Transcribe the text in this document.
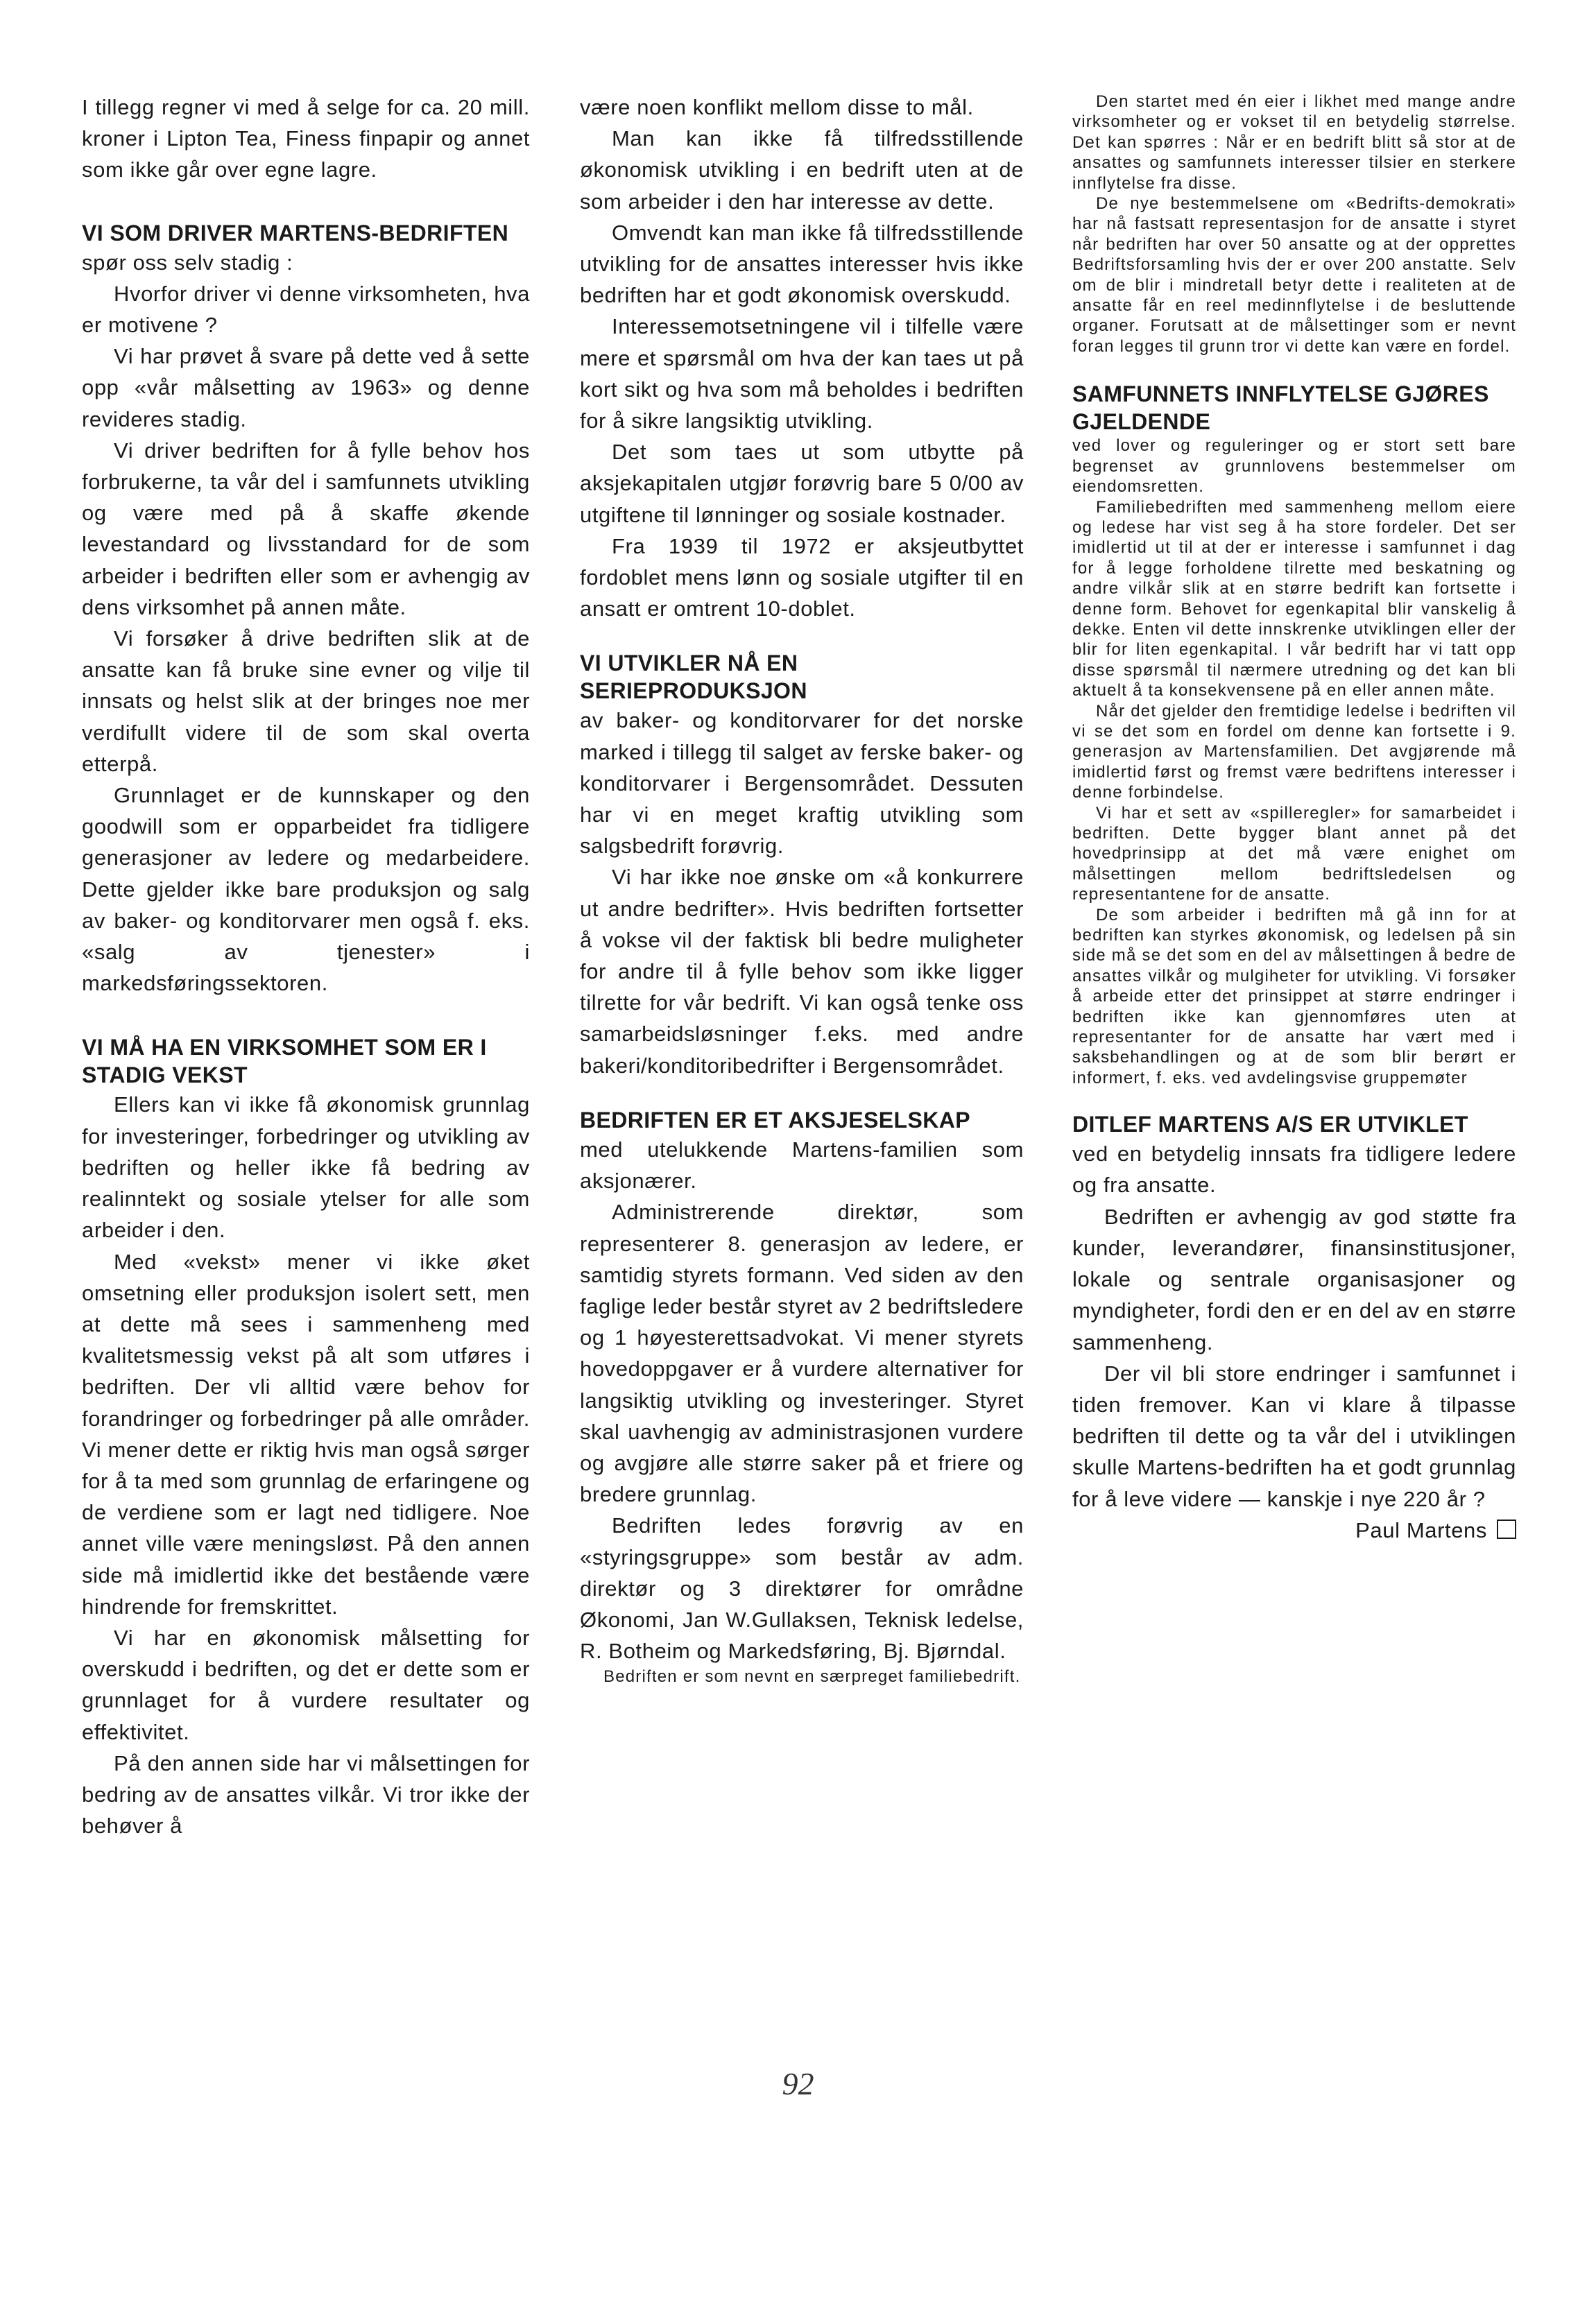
I tillegg regner vi med å selge for ca. 20 mill. kroner i Lipton Tea, Finess finpapir og annet som ikke går over egne lagre.

VI SOM DRIVER MARTENS-BEDRIFTEN

spør oss selv stadig :

Hvorfor driver vi denne virksomheten, hva er motivene ?

Vi har prøvet å svare på dette ved å sette opp «vår målsetting av 1963» og denne revideres stadig.

Vi driver bedriften for å fylle behov hos forbrukerne, ta vår del i samfunnets utvikling og være med på å skaffe økende levestandard og livsstandard for de som arbeider i bedriften eller som er avhengig av dens virksomhet på annen måte.

Vi forsøker å drive bedriften slik at de ansatte kan få bruke sine evner og vilje til innsats og helst slik at der bringes noe mer verdifullt videre til de som skal overta etterpå.

Grunnlaget er de kunnskaper og den goodwill som er opparbeidet fra tidligere generasjoner av ledere og medarbeidere. Dette gjelder ikke bare produksjon og salg av baker- og konditorvarer men også f. eks. «salg av tjenester» i markedsføringssektoren.

VI MÅ HA EN VIRKSOMHET SOM ER I STADIG VEKST

Ellers kan vi ikke få økonomisk grunnlag for investeringer, forbedringer og utvikling av bedriften og heller ikke få bedring av realinntekt og sosiale ytelser for alle som arbeider i den.

Med «vekst» mener vi ikke øket omsetning eller produksjon isolert sett, men at dette må sees i sammenheng med kvalitetsmessig vekst på alt som utføres i bedriften. Der vli alltid være behov for forandringer og forbedringer på alle områder. Vi mener dette er riktig hvis man også sørger for å ta med som grunnlag de erfaringene og de verdiene som er lagt ned tidligere. Noe annet ville være meningsløst. På den annen side må imidlertid ikke det bestående være hindrende for fremskrittet.

Vi har en økonomisk målsetting for overskudd i bedriften, og det er dette som er grunnlaget for å vurdere resultater og effektivitet.

På den annen side har vi målsettingen for bedring av de ansattes vilkår. Vi tror ikke der behøver å

være noen konflikt mellom disse to mål.

Man kan ikke få tilfredsstillende økonomisk utvikling i en bedrift uten at de som arbeider i den har interesse av dette.

Omvendt kan man ikke få tilfredsstillende utvikling for de ansattes interesser hvis ikke bedriften har et godt økonomisk overskudd.

Interessemotsetningene vil i tilfelle være mere et spørsmål om hva der kan taes ut på kort sikt og hva som må beholdes i bedriften for å sikre langsiktig utvikling.

Det som taes ut som utbytte på aksjekapitalen utgjør forøvrig bare 5 0/00 av utgiftene til lønninger og sosiale kostnader.

Fra 1939 til 1972 er aksjeutbyttet fordoblet mens lønn og sosiale utgifter til en ansatt er omtrent 10-doblet.

VI UTVIKLER NÅ EN SERIEPRODUKSJON

av baker- og konditorvarer for det norske marked i tillegg til salget av ferske baker- og konditorvarer i Bergensområdet. Dessuten har vi en meget kraftig utvikling som salgsbedrift forøvrig.

Vi har ikke noe ønske om «å konkurrere ut andre bedrifter». Hvis bedriften fortsetter å vokse vil der faktisk bli bedre muligheter for andre til å fylle behov som ikke ligger tilrette for vår bedrift. Vi kan også tenke oss samarbeidsløsninger f.eks. med andre bakeri/konditoribedrifter i Bergensområdet.

BEDRIFTEN ER ET AKSJESELSKAP

med utelukkende Martens-familien som aksjonærer.

Administrerende direktør, som representerer 8. generasjon av ledere, er samtidig styrets formann. Ved siden av den faglige leder består styret av 2 bedriftsledere og 1 høyesterettsadvokat. Vi mener styrets hovedoppgaver er å vurdere alternativer for langsiktig utvikling og investeringer. Styret skal uavhengig av administrasjonen vurdere og avgjøre alle større saker på et friere og bredere grunnlag.

Bedriften ledes forøvrig av en «styringsgruppe» som består av adm. direktør og 3 direktører for områdne Økonomi, Jan W.Gullaksen, Teknisk ledelse, R. Botheim og Markedsføring, Bj. Bjørndal.

Bedriften er som nevnt en særpreget familiebedrift.

Den startet med én eier i likhet med mange andre virksomheter og er vokset til en betydelig størrelse. Det kan spørres : Når er en bedrift blitt så stor at de ansattes og samfunnets interesser tilsier en sterkere innflytelse fra disse.

De nye bestemmelsene om «Bedrifts-demokrati» har nå fastsatt representasjon for de ansatte i styret når bedriften har over 50 ansatte og at der opprettes Bedriftsforsamling hvis der er over 200 anstatte. Selv om de blir i mindretall betyr dette i realiteten at de ansatte får en reel medinnflytelse i de besluttende organer. Forutsatt at de målsettinger som er nevnt foran legges til grunn tror vi dette kan være en fordel.

SAMFUNNETS INNFLYTELSE GJØRES GJELDENDE

ved lover og reguleringer og er stort sett bare begrenset av grunnlovens bestemmelser om eiendomsretten.

Familiebedriften med sammenheng mellom eiere og ledese har vist seg å ha store fordeler. Det ser imidlertid ut til at der er interesse i samfunnet i dag for å legge forholdene tilrette med beskatning og andre vilkår slik at en større bedrift kan fortsette i denne form. Behovet for egenkapital blir vanskelig å dekke. Enten vil dette innskrenke utviklingen eller der blir for liten egenkapital. I vår bedrift har vi tatt opp disse spørsmål til nærmere utredning og det kan bli aktuelt å ta konsekvensene på en eller annen måte.

Når det gjelder den fremtidige ledelse i bedriften vil vi se det som en fordel om denne kan fortsette i 9. generasjon av Martensfamilien. Det avgjørende må imidlertid først og fremst være bedriftens interesser i denne forbindelse.

Vi har et sett av «spilleregler» for samarbeidet i bedriften. Dette bygger blant annet på det hovedprinsipp at det må være enighet om målsettingen mellom bedriftsledelsen og representantene for de ansatte.

De som arbeider i bedriften må gå inn for at bedriften kan styrkes økonomisk, og ledelsen på sin side må se det som en del av målsettingen å bedre de ansattes vilkår og mulgiheter for utvikling. Vi forsøker å arbeide etter det prinsippet at større endringer i bedriften ikke kan gjennomføres uten at representanter for de ansatte har vært med i saksbehandlingen og at de som blir berørt er informert, f. eks. ved avdelingsvise gruppemøter

DITLEF MARTENS A/S ER UTVIKLET

ved en betydelig innsats fra tidligere ledere og fra ansatte.

Bedriften er avhengig av god støtte fra kunder, leverandører, finansinstitusjoner, lokale og sentrale organisasjoner og myndigheter, fordi den er en del av en større sammenheng.

Der vil bli store endringer i samfunnet i tiden fremover. Kan vi klare å tilpasse bedriften til dette og ta vår del i utviklingen skulle Martens-bedriften ha et godt grunnlag for å leve videre — kanskje i nye 220 år ?

Paul Martens

92
